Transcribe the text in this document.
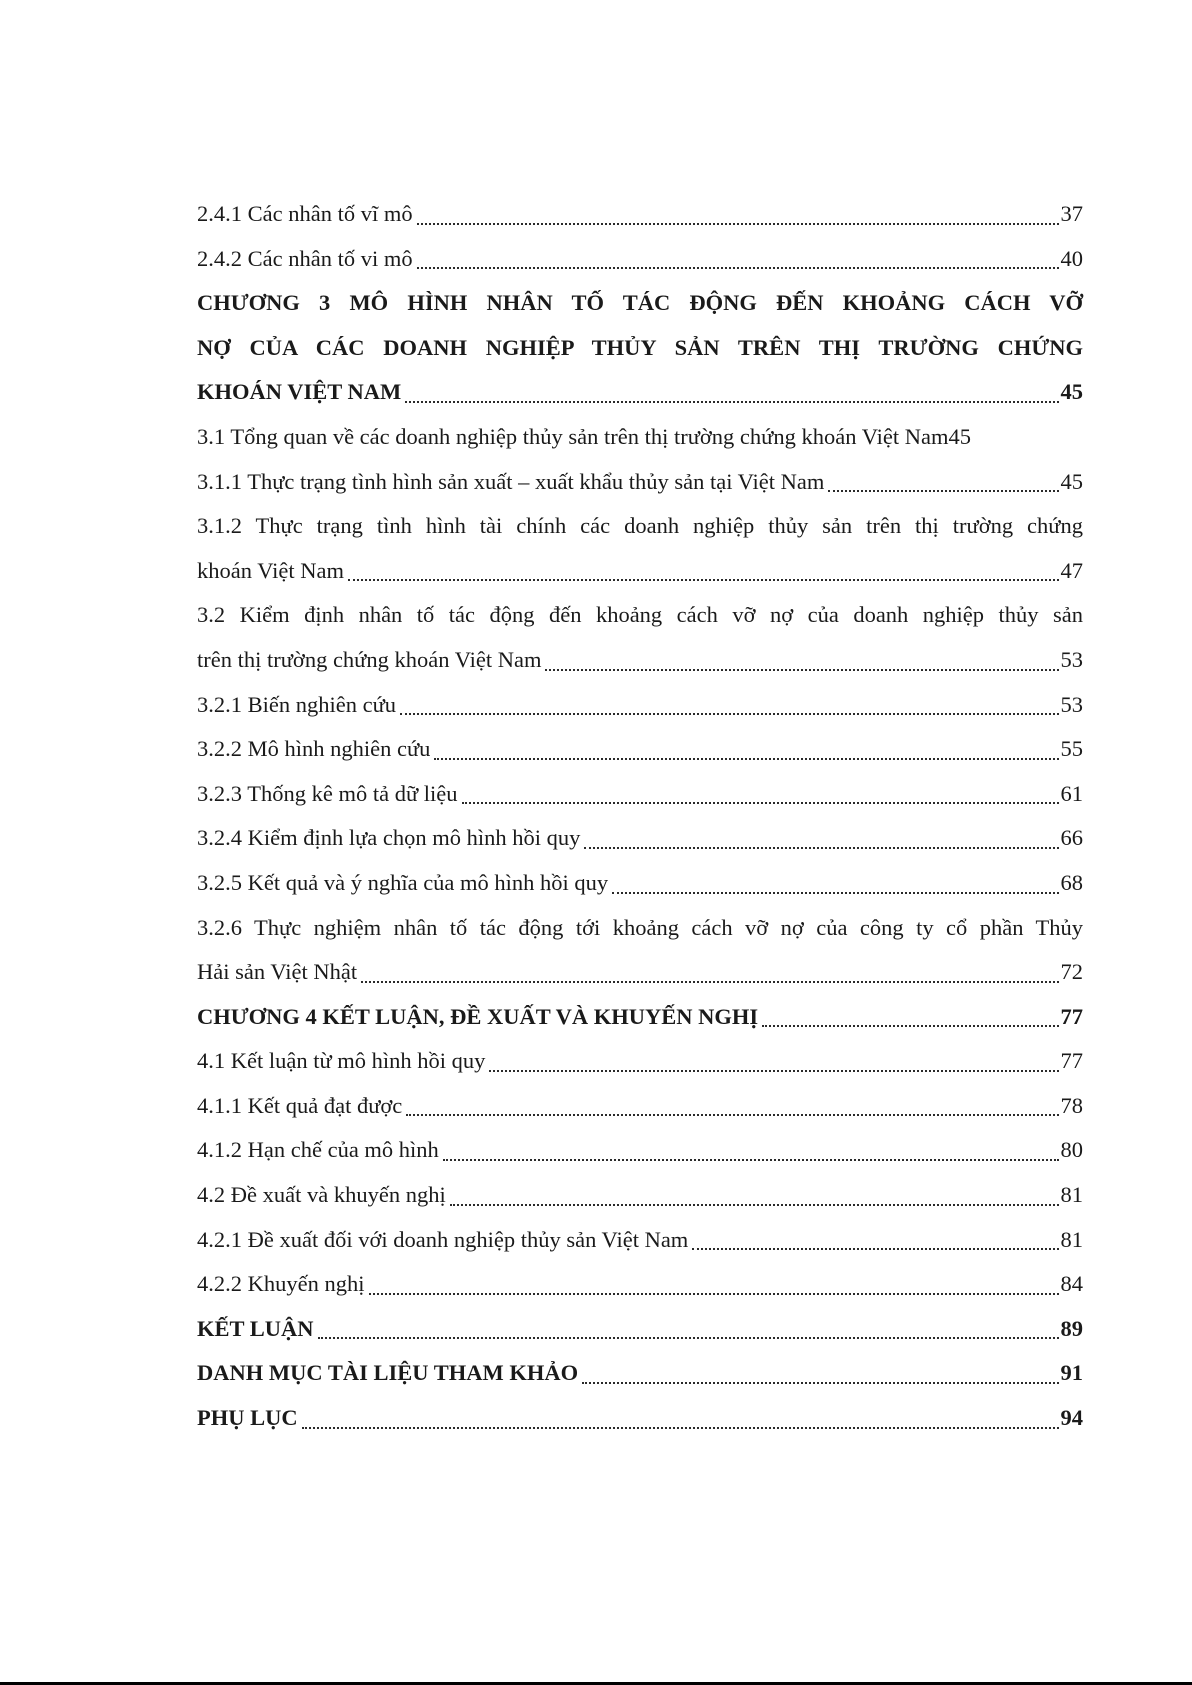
2.4.1 Các nhân tố vĩ mô	37
2.4.2 Các nhân tố vi mô	40
CHƯƠNG 3 MÔ HÌNH NHÂN TỐ TÁC ĐỘNG ĐẾN KHOẢNG CÁCH VỠ
NỢ CỦA CÁC DOANH NGHIỆP THỦY SẢN TRÊN THỊ TRƯỜNG CHỨNG
KHOÁN VIỆT NAM	45
3.1 Tổng quan về các doanh nghiệp thủy sản trên thị trường chứng khoán Việt Nam 45
3.1.1 Thực trạng tình hình sản xuất – xuất khẩu thủy sản tại Việt Nam	45
3.1.2 Thực trạng tình hình tài chính các doanh nghiệp thủy sản trên thị trường chứng
khoán Việt Nam	47
3.2 Kiểm định nhân tố tác động đến khoảng cách vỡ nợ của doanh nghiệp thủy sản
trên thị trường chứng khoán Việt Nam	53
3.2.1 Biến nghiên cứu	53
3.2.2 Mô hình nghiên cứu	55
3.2.3 Thống kê mô tả dữ liệu	61
3.2.4 Kiểm định lựa chọn mô hình hồi quy	66
3.2.5 Kết quả và ý nghĩa của mô hình hồi quy	68
3.2.6 Thực nghiệm nhân tố tác động tới khoảng cách vỡ nợ của công ty cổ phần Thủy
Hải sản Việt Nhật	72
CHƯƠNG 4 KẾT LUẬN, ĐỀ XUẤT VÀ KHUYẾN NGHỊ	77
4.1 Kết luận từ mô hình hồi quy	77
4.1.1 Kết quả đạt được	78
4.1.2 Hạn chế của mô hình	80
4.2 Đề xuất và khuyến nghị	81
4.2.1 Đề xuất đối với doanh nghiệp thủy sản Việt Nam	81
4.2.2 Khuyến nghị	84
KẾT LUẬN	89
DANH MỤC TÀI LIỆU THAM KHẢO	91
PHỤ LỤC	94
